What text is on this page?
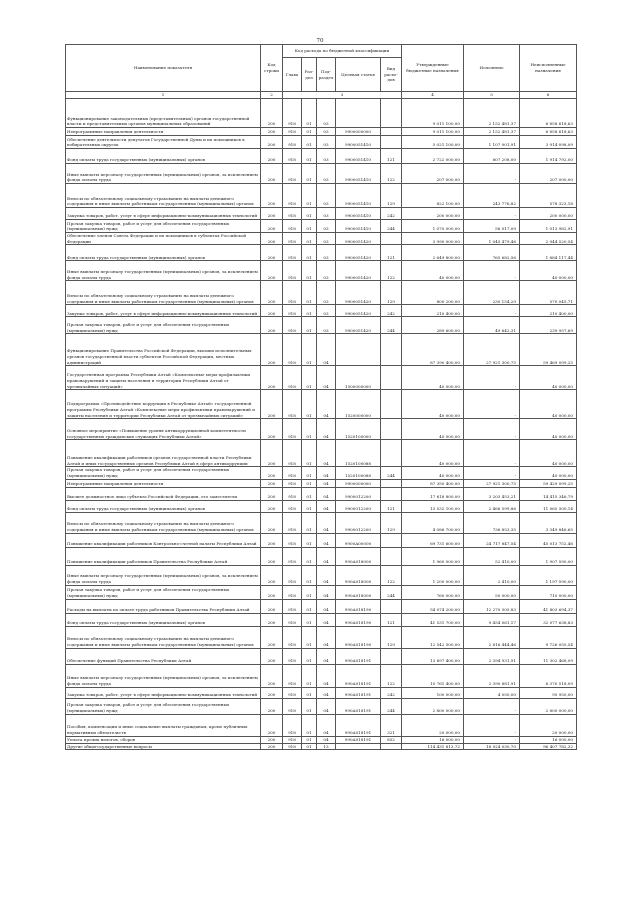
70
Наименование показателя	Код строки	Код расхода по бюджетной классификации					Утвержденные бюджетные назначения	Исполнено	Неисполненные назначения
		Глава	Раз-дел	Под-раздел	Целевая статья	Вид расхо-дов			
1	2	3					4	5	6
Функционирование законодательных (представительных) органов государственной власти и представительных органов муниципальных образований	200	918	01	03			9 011 100,00	2 152 481,37	6 858 618,63
Непрограммные направления деятельности	200	918	01	03	9900000000		9 011 100,00	2 152 481,37	6 858 618,63
Обеспечение деятельности депутатов Государственной Думы и их помощников в избирательных округах	200	918	01	03	9900051410		5 021 100,00	1 107 001,91	3 914 098,09
Фонд оплаты труда государственных (муниципальных) органов	200	918	01	03	9900051410	121	2 722 000,00	807 208,00	1 914 792,00
Иные выплаты персоналу государственных (муниципальных) органов, за исключением фонда оплаты труда	200	918	01	03	9900051410	122	207 000,00	-	207 000,00
Взносы по обязательному социальному страхованию на выплаты денежного содержания и иные выплаты работникам государственных (муниципальных) органов	200	918	01	03	9900051410	129	822 100,00	243 776,82	578 323,18
Закупка товаров, работ, услуг в сфере информационно-коммуникационных технологий	200	918	01	03	9900051410	242	200 000,00	-	200 000,00
Прочая закупка товаров, работ и услуг для обеспечения государственных (муниципальных) нужд	200	918	01	03	9900051410	244	1 070 000,00	56 017,09	1 013 982,91
Обеспечение членов Совета Федерации и их помощников в субъектах Российской Федерации	200	918	01	03	9900051420		3 990 000,00	1 045 479,46	2 944 520,54
Фонд оплаты труда государственных (муниципальных) органов	200	918	01	03	9900051420	121	2 649 800,00	765 682,56	1 884 117,44
Иные выплаты персоналу государственных (муниципальных) органов, за исключением фонда оплаты труда	200	918	01	03	9900051420	122	40 000,00	-	40 000,00
Взносы по обязательному социальному страхованию на выплаты денежного содержания и иные выплаты работникам государственных (муниципальных) органов	200	918	01	03	9900051420	129	800 200,00	230 154,29	570 045,71
Закупка товаров, работ, услуг в сфере информационно-коммуникационных технологий	200	918	01	03	9900051420	242	210 400,00	-	210 400,00
Прочая закупка товаров, работ и услуг для обеспечения государственных (муниципальных) нужд	200	918	01	03	9900051420	244	289 600,00	49 642,31	239 957,69
Функционирование Правительства Российской Федерации, высших исполнительных органов государственной власти субъектов Российской Федерации, местных администраций	200	918	01	04			87 390 400,00	27 921 300,75	59 469 099,25
Государственная программа Республики Алтай «Комплексные меры профилактики правонарушений и защиты населения и территории Республики Алтай от чрезвычайных ситуаций»	200	918	01	04	1500000000		40 000,00	-	40 000,00
Подпрограмма «Противодействие коррупции в Республике Алтай» государственной программы Республики Алтай «Комплексные меры профилактики правонарушений и защиты населения и территории Республики Алтай от чрезвычайных ситуаций»	200	918	01	04	1520000000		40 000,00	-	40 000,00
Основное мероприятие «Повышение уровня антикоррупционной компетентности государственных гражданских служащих Республики Алтай»	200	918	01	04	1520100000		40 000,00	-	40 000,00
Повышение квалификации работников органов государственной власти Республики Алтай и иных государственных органов Республики Алтай в сфере антикоррупции	200	918	01	04	1520100088		40 000,00	-	40 000,00
Прочая закупка товаров, работ и услуг для обеспечения государственных (муниципальных) нужд	200	918	01	04	1520100088	244	40 000,00	-	40 000,00
Непрограммные направления деятельности	200	918	01	04	9900000000		87 350 400,00	27 921 300,75	59 429 099,25
Высшее должностное лицо субъекта Российской Федерации, его заместители	200	918	01	04	9900012200		17 618 800,00	3 203 453,21	14 415 346,79
Фонд оплаты труда государственных (муниципальных) органов	200	918	01	04	9900012200	121	13 532 100,00	2 466 599,86	11 065 500,14
Взносы по обязательному социальному страхованию на выплаты денежного содержания и иные выплаты работникам государственных (муниципальных) органов	200	918	01	04	9900012200	129	4 086 700,00	736 853,35	3 349 846,65
Повышение квалификации работников Контрольно-счетной палаты Республики Алтай	200	918	01	04	9900A00000		69 731 600,00	24 717 847,54	45 013 752,46
Повышение квалификации работников Правительства Республики Алтай	200	918	01	04	990A018000		1 960 000,00	52 410,00	1 907 590,00
Иные выплаты персоналу государственных (муниципальных) органов, за исключением фонда оплаты труда	200	918	01	04	990A018000	122	1 200 000,00	2 410,00	1 197 590,00
Прочая закупка товаров, работ и услуг для обеспечения государственных (муниципальных) нужд	200	918	01	04	990A018000	244	760 000,00	50 000,00	710 000,00
Расходы на выплаты по оплате труда работников Правительства Республики Алтай	200	918	01	04	990A018190		54 074 200,00	12 270 505,83	41 803 694,37
Фонд оплаты труда государственных (муниципальных) органов	200	918	01	04	990A018190	121	41 531 700,00	9 454 061,17	32 077 638,83
Взносы по обязательному социальному страхованию на выплаты денежного содержания и иные выплаты работникам государственных (муниципальных) органов	200	918	01	04	990A018190	129	12 542 500,00	2 816 444,46	9 726 055,54
Обеспечение функций Правительства Республики Алтай	200	918	01	04	990A018191		13 697 400,00	2 394 931,91	11 302 468,09
Иные выплаты персоналу государственных (муниципальных) органов, за исключением фонда оплаты труда	200	918	01	04	990A018191	122	10 761 400,00	2 390 881,91	8 370 518,09
Закупка товаров, работ, услуг в сфере информационно-коммуникационных технологий	200	918	01	04	990A018191	242	100 000,00	4 050,00	95 950,00
Прочая закупка товаров, работ и услуг для обеспечения государственных (муниципальных) нужд	200	918	01	04	990A018191	244	2 800 000,00	-	2 800 000,00
Пособия, компенсации и иные социальные выплаты гражданам, кроме публичных нормативных обязательств	200	918	01	04	990A018191	321	20 000,00	-	20 000,00
Уплата прочих налогов, сборов	200	918	01	04	990A018191	852	16 000,00	-	16 000,00
Другие общегосударственные вопросы	200	918	01	13			114 431 813,72	18 024 030,70	96 407 782,32
